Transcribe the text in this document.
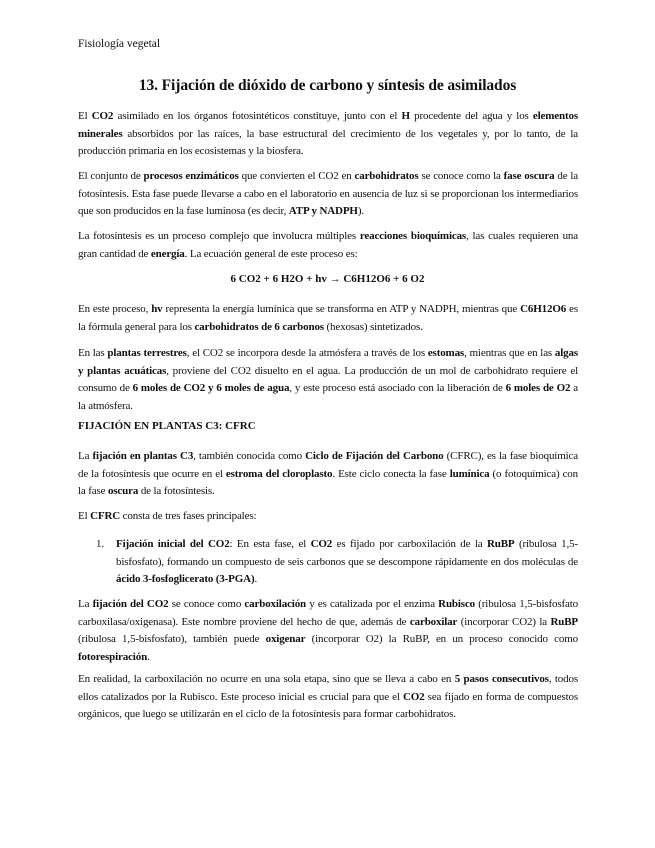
Fisiología vegetal
13. Fijación de dióxido de carbono y síntesis de asimilados
El CO2 asimilado en los órganos fotosintéticos constituye, junto con el H procedente del agua y los elementos minerales absorbidos por las raíces, la base estructural del crecimiento de los vegetales y, por lo tanto, de la producción primaria en los ecosistemas y la biosfera.
El conjunto de procesos enzimáticos que convierten el CO2 en carbohidratos se conoce como la fase oscura de la fotosíntesis. Esta fase puede llevarse a cabo en el laboratorio en ausencia de luz si se proporcionan los intermediarios que son producidos en la fase luminosa (es decir, ATP y NADPH).
La fotosíntesis es un proceso complejo que involucra múltiples reacciones bioquímicas, las cuales requieren una gran cantidad de energía. La ecuación general de este proceso es:
6 CO2 + 6 H2O + hv → C6H12O6 + 6 O2
En este proceso, hv representa la energía lumínica que se transforma en ATP y NADPH, mientras que C6H12O6 es la fórmula general para los carbohidratos de 6 carbonos (hexosas) sintetizados.
En las plantas terrestres, el CO2 se incorpora desde la atmósfera a través de los estomas, mientras que en las algas y plantas acuáticas, proviene del CO2 disuelto en el agua. La producción de un mol de carbohidrato requiere el consumo de 6 moles de CO2 y 6 moles de agua, y este proceso está asociado con la liberación de 6 moles de O2 a la atmósfera.
FIJACIÓN EN PLANTAS C3: CFRC
La fijación en plantas C3, también conocida como Ciclo de Fijación del Carbono (CFRC), es la fase bioquímica de la fotosíntesis que ocurre en el estroma del cloroplasto. Este ciclo conecta la fase lumínica (o fotoquímica) con la fase oscura de la fotosíntesis.
El CFRC consta de tres fases principales:
1. Fijación inicial del CO2: En esta fase, el CO2 es fijado por carboxilación de la RuBP (ribulosa 1,5-bisfosfato), formando un compuesto de seis carbonos que se descompone rápidamente en dos moléculas de ácido 3-fosfoglicerato (3-PGA).
La fijación del CO2 se conoce como carboxilación y es catalizada por el enzima Rubisco (ribulosa 1,5-bisfosfato carboxilasa/oxigenasa). Este nombre proviene del hecho de que, además de carboxilar (incorporar CO2) la RuBP (ribulosa 1,5-bisfosfato), también puede oxigenar (incorporar O2) la RuBP, en un proceso conocido como fotorespiración.
En realidad, la carboxilación no ocurre en una sola etapa, sino que se lleva a cabo en 5 pasos consecutivos, todos ellos catalizados por la Rubisco. Este proceso inicial es crucial para que el CO2 sea fijado en forma de compuestos orgánicos, que luego se utilizarán en el ciclo de la fotosíntesis para formar carbohidratos.
